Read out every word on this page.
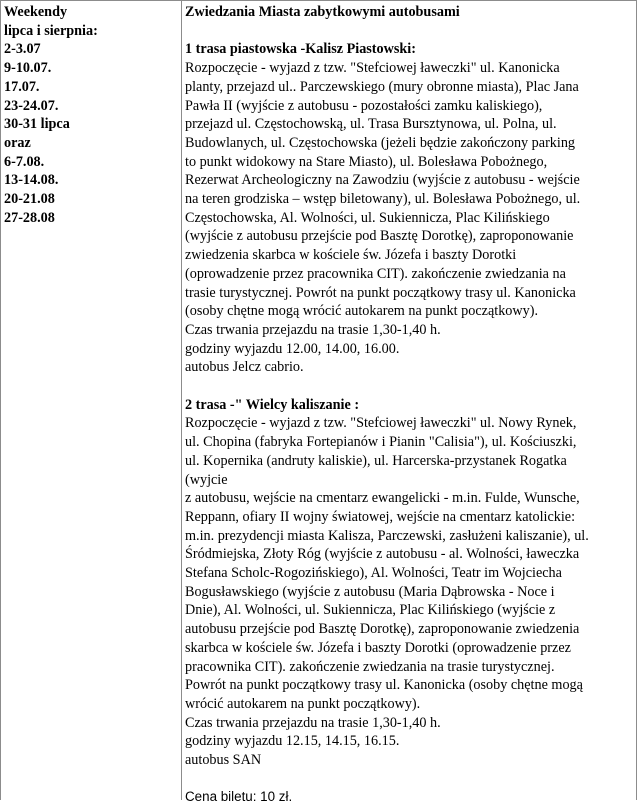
Weekendy
lipca i sierpnia:
2-3.07
9-10.07.
17.07.
23-24.07.
30-31 lipca
oraz
6-7.08.
13-14.08.
20-21.08
27-28.08
Zwiedzania Miasta zabytkowymi autobusami
1 trasa piastowska -Kalisz Piastowski:
Rozpoczęcie - wyjazd z tzw. "Stefciowej ławeczki" ul. Kanonicka
planty, przejazd ul.. Parczewskiego (mury obronne miasta), Plac Jana
Pawła II (wyjście z autobusu - pozostałości zamku kaliskiego),
przejazd ul. Częstochowską, ul. Trasa Bursztynowa, ul. Polna, ul.
Budowlanych, ul. Częstochowska (jeżeli będzie zakończony parking
to punkt widokowy na Stare Miasto), ul. Bolesława Pobożnego,
Rezerwat Archeologiczny na Zawodziu (wyjście z autobusu - wejście
na teren grodziska – wstęp biletowany), ul. Bolesława Pobożnego, ul.
Częstochowska, Al. Wolności, ul. Sukiennicza, Plac Kilińskiego
(wyjście z autobusu przejście pod Basztę Dorotkę), zaproponowanie
zwiedzenia skarbca w kościele św. Józefa i baszty Dorotki
(oprowadzenie przez pracownika CIT). zakończenie zwiedzania na
trasie turystycznej. Powrót na punkt początkowy trasy ul. Kanonicka
(osoby chętne mogą wrócić autokarem na punkt początkowy).
Czas trwania przejazdu na trasie 1,30-1,40 h.
godziny wyjazdu 12.00, 14.00, 16.00.
autobus Jelcz cabrio.
2 trasa -" Wielcy kaliszanie :
Rozpoczęcie - wyjazd z tzw. "Stefciowej ławeczki" ul. Nowy Rynek,
ul. Chopina (fabryka Fortepianów i Pianin "Calisia"), ul. Kościuszki,
ul. Kopernika (andruty kaliskie), ul. Harcerska-przystanek Rogatka
(wyjcie
z autobusu, wejście na cmentarz ewangelicki - m.in. Fulde, Wunsche,
Reppann, ofiary II wojny światowej, wejście na cmentarz katolickie:
m.in. prezydencji miasta Kalisza, Parczewski, zasłużeni kaliszanie), ul.
Śródmiejska, Złoty Róg (wyjście z autobusu - al. Wolności, ławeczka
Stefana Scholc-Rogozińskiego), Al. Wolności, Teatr im Wojciecha
Bogusławskiego (wyjście z autobusu (Maria Dąbrowska - Noce i
Dnie), Al. Wolności, ul. Sukiennicza, Plac Kilińskiego (wyjście z
autobusu przejście pod Basztę Dorotkę), zaproponowanie zwiedzenia
skarbca w kościele św. Józefa i baszty Dorotki (oprowadzenie przez
pracownika CIT). zakończenie zwiedzania na trasie turystycznej.
Powrót na punkt początkowy trasy ul. Kanonicka (osoby chętne mogą
wrócić autokarem na punkt początkowy).
Czas trwania przejazdu na trasie 1,30-1,40 h.
godziny wyjazdu 12.15, 14.15, 16.15.
autobus SAN
Cena biletu: 10 zł.
